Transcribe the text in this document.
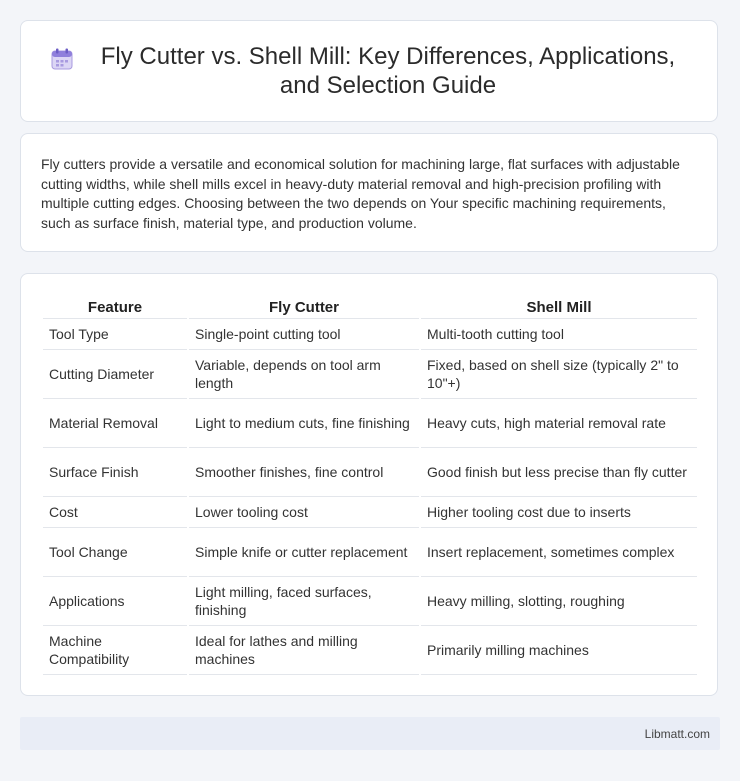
Fly Cutter vs. Shell Mill: Key Differences, Applications, and Selection Guide

Fly cutters provide a versatile and economical solution for machining large, flat surfaces with adjustable cutting widths, while shell mills excel in heavy-duty material removal and high-precision profiling with multiple cutting edges. Choosing between the two depends on Your specific machining requirements, such as surface finish, material type, and production volume.

Feature	Fly Cutter	Shell Mill
Tool Type	Single-point cutting tool	Multi-tooth cutting tool
Cutting Diameter	Variable, depends on tool arm length	Fixed, based on shell size (typically 2" to 10"+)
Material Removal	Light to medium cuts, fine finishing	Heavy cuts, high material removal rate
Surface Finish	Smoother finishes, fine control	Good finish but less precise than fly cutter
Cost	Lower tooling cost	Higher tooling cost due to inserts
Tool Change	Simple knife or cutter replacement	Insert replacement, sometimes complex
Applications	Light milling, faced surfaces, finishing	Heavy milling, slotting, roughing
Machine Compatibility	Ideal for lathes and milling machines	Primarily milling machines
Libmatt.com
